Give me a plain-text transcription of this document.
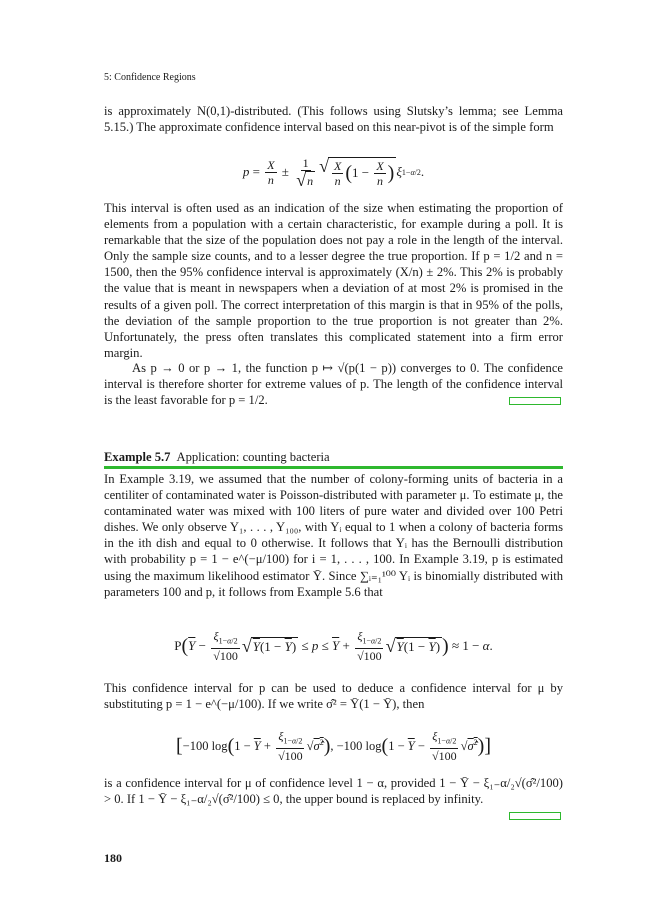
5: Confidence Regions

is approximately N(0,1)-distributed. (This follows using Slutsky’s lemma; see Lemma 5.15.) The approximate confidence interval based on this near-pivot is of the simple form

$p = \frac{X}{n} \pm \frac{1}{√ n}$ √ $\frac{X}{n}$ ( $1 - \frac{X}{n}$ ) ξ 1−α/2 .

This interval is often used as an indication of the size when estimating the proportion of elements from a population with a certain characteristic, for example during a poll. It is remarkable that the size of the population does not pay a role in the length of the interval. Only the sample size counts, and to a lesser degree the true proportion. If p = 1/2 and n = 1500, then the 95% confidence interval is approximately (X/n) ± 2%. This 2% is probably the value that is meant in newspapers when a deviation of at most 2% is promised in the results of a given poll. The correct interpretation of this margin is that in 95% of the polls, the deviation of the sample proportion to the true proportion is not greater than 2%. Unfortunately, the press often translates this complicated statement into a firm error margin.

As p → 0 or p → 1, the function p ↦ √(p(1 − p)) converges to 0. The confidence interval is therefore shorter for extreme values of p. The length of the confidence interval is the least favorable for p = 1/2.

Example 5.7 Application: counting bacteria

In Example 3.19, we assumed that the number of colony-forming units of bacteria in a centiliter of contaminated water is Poisson-distributed with parameter μ. To estimate μ, the contaminated water was mixed with 100 liters of pure water and divided over 100 Petri dishes. We only observe Y₁, . . . , Y₁₀₀, with Yᵢ equal to 1 when a colony of bacteria forms in the ith dish and equal to 0 otherwise. It follows that Yᵢ has the Bernoulli distribution with probability p = 1 − e^(−μ/100) for i = 1, . . . , 100. In Example 3.19, p is estimated using the maximum likelihood estimator Ȳ. Since ∑ᵢ₌₁¹⁰⁰ Yᵢ is binomially distributed with parameters 100 and p, it follows from Example 5.6 that

P ( $\overline{Y} - \frac{\xi_{1-\alpha/2}}{√100}$ √ Y ($1 - \overline{Y}$ ) ≤ $p \le \overline{Y} + \frac{\xi_{1-\alpha/2}}{√100}$ √ Y ($1 - \overline{Y}$ ) ) ≈ 1 − α .

This confidence interval for p can be used to deduce a confidence interval for μ by substituting p = 1 − e^(−μ/100). If we write σ̂² = Ȳ(1 − Ȳ), then

[ −100 log ( $1 - \overline{Y} + \frac{\xi_{1-\alpha/2}}{√100}$ √ σ̂$^2$ ) , −100 log ( $1 - \overline{Y} - \frac{\xi_{1-\alpha/2}}{√100}$ √ σ̂$^2$ ) ]

is a confidence interval for μ of confidence level 1 − α, provided 1 − Ȳ − ξ₁₋α/₂√(σ̂²/100) > 0. If 1 − Ȳ − ξ₁₋α/₂√(σ̂²/100) ≤ 0, the upper bound is replaced by infinity.

180
